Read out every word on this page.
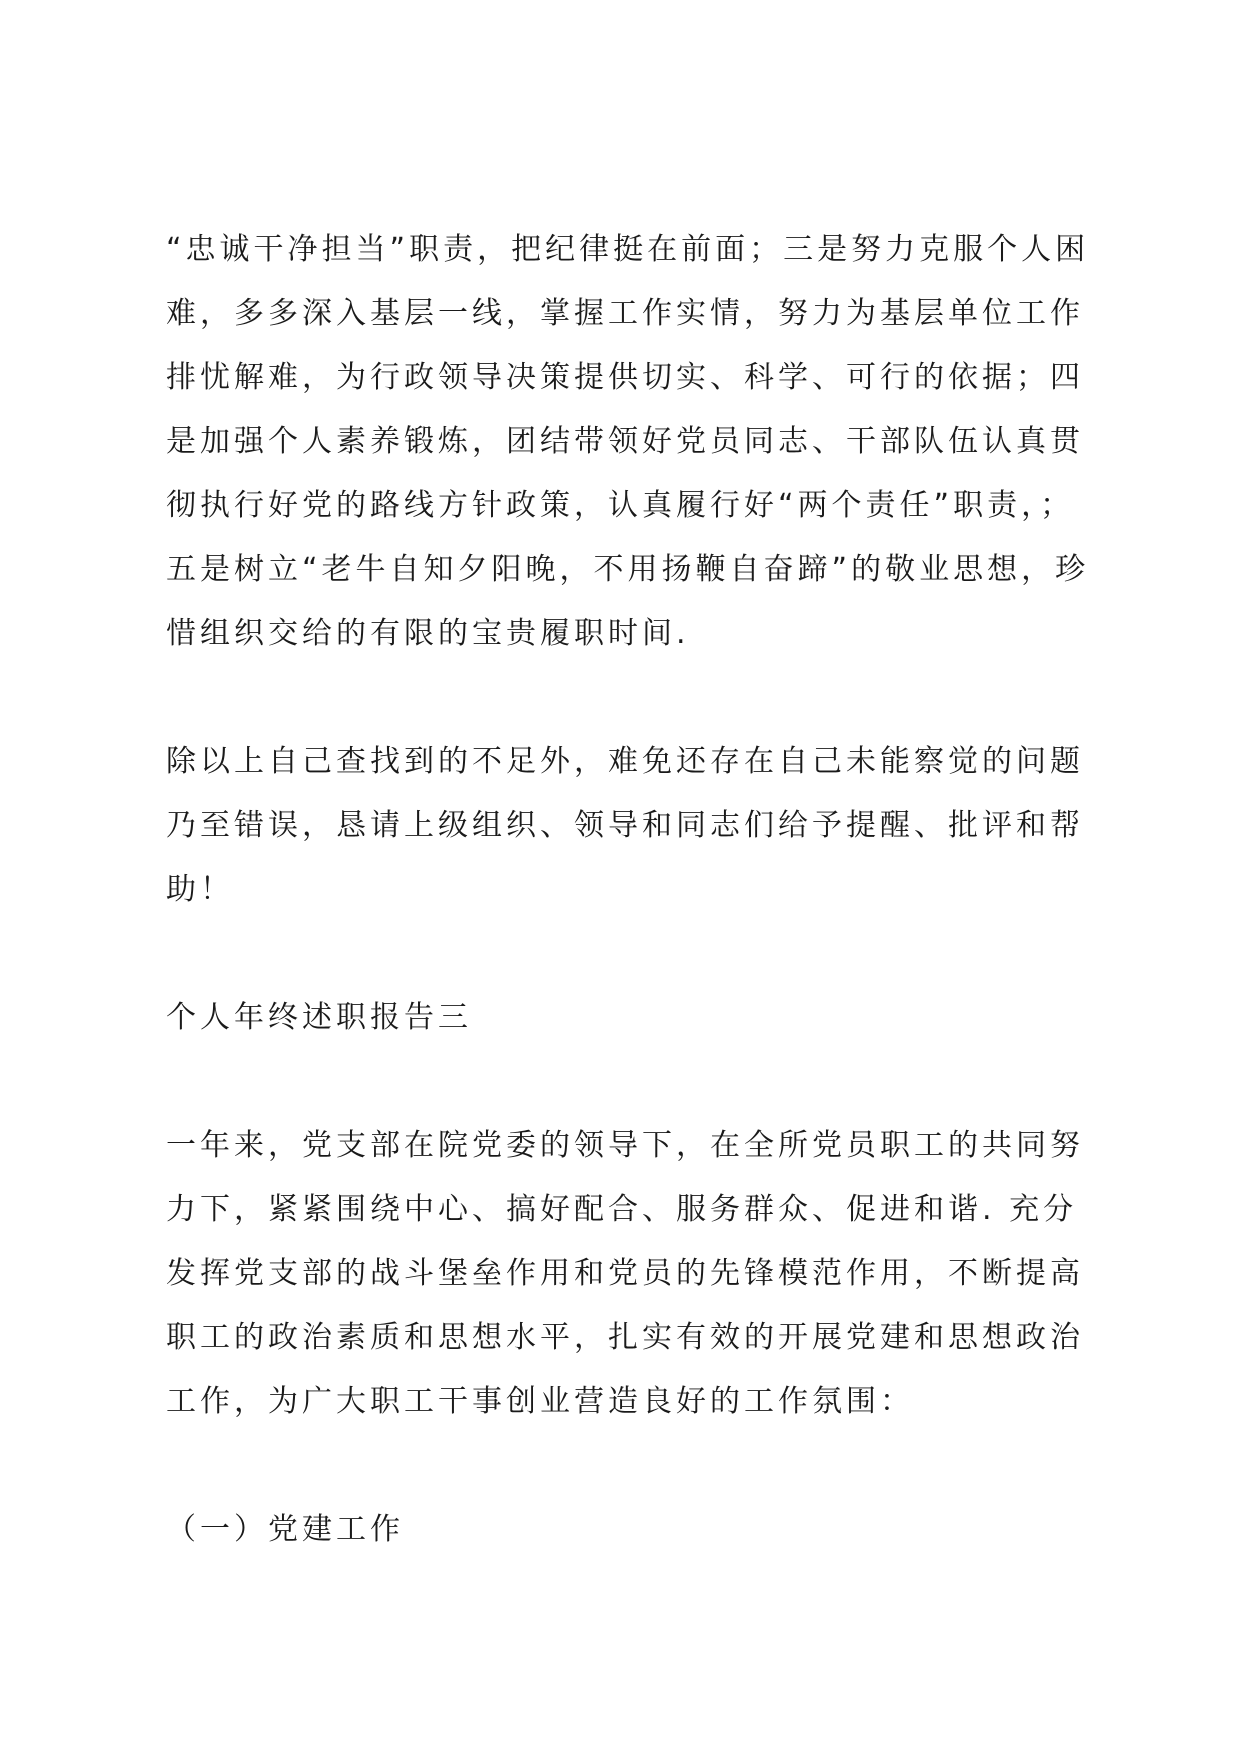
“忠诚干净担当”职责，把纪律挺在前面；三是努力克服个人困难，多多深入基层一线，掌握工作实情，努力为基层单位工作排忧解难，为行政领导决策提供切实、科学、可行的依据；四是加强个人素养锻炼，团结带领好党员同志、干部队伍认真贯彻执行好党的路线方针政策，认真履行好“两个责任”职责，；五是树立“老牛自知夕阳晚，不用扬鞭自奋蹄”的敬业思想，珍惜组织交给的有限的宝贵履职时间.

除以上自己查找到的不足外，难免还存在自己未能察觉的问题乃至错误，恳请上级组织、领导和同志们给予提醒、批评和帮助！

个人年终述职报告三

一年来，党支部在院党委的领导下，在全所党员职工的共同努力下，紧紧围绕中心、搞好配合、服务群众、促进和谐. 充分发挥党支部的战斗堡垒作用和党员的先锋模范作用，不断提高职工的政治素质和思想水平，扎实有效的开展党建和思想政治工作，为广大职工干事创业营造良好的工作氛围：

（一）党建工作
